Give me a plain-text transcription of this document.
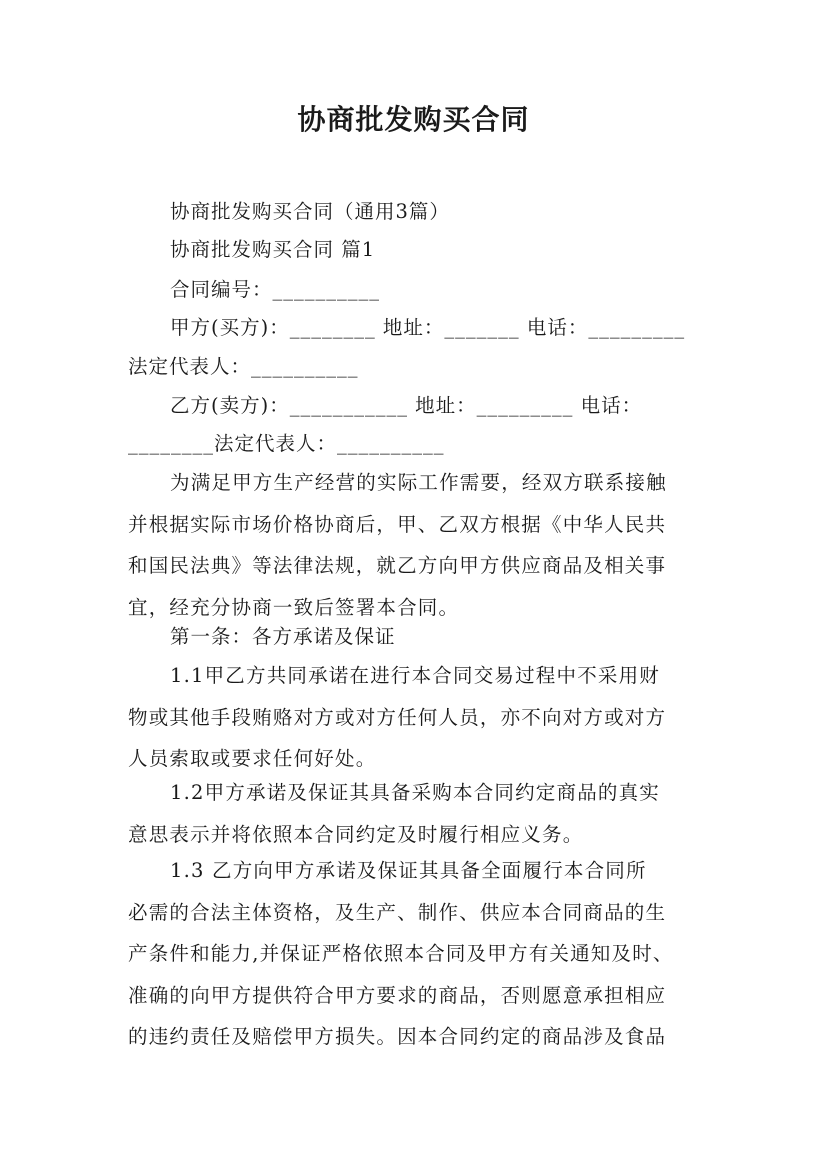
协商批发购买合同
协商批发购买合同（通用3篇）
协商批发购买合同 篇1
合同编号：__________
甲方(买方)：________ 地址：_______ 电话：_________
法定代表人：__________
乙方(卖方)：___________ 地址：_________ 电话：
________法定代表人：__________
为满足甲方生产经营的实际工作需要，经双方联系接触
并根据实际市场价格协商后，甲、乙双方根据《中华人民共
和国民法典》等法律法规，就乙方向甲方供应商品及相关事
宜，经充分协商一致后签署本合同。
第一条：各方承诺及保证
1.1甲乙方共同承诺在进行本合同交易过程中不采用财
物或其他手段贿赂对方或对方任何人员，亦不向对方或对方
人员索取或要求任何好处。
1.2甲方承诺及保证其具备采购本合同约定商品的真实
意思表示并将依照本合同约定及时履行相应义务。
1.3 乙方向甲方承诺及保证其具备全面履行本合同所
必需的合法主体资格，及生产、制作、供应本合同商品的生
产条件和能力,并保证严格依照本合同及甲方有关通知及时、
准确的向甲方提供符合甲方要求的商品，否则愿意承担相应
的违约责任及赔偿甲方损失。因本合同约定的商品涉及食品
